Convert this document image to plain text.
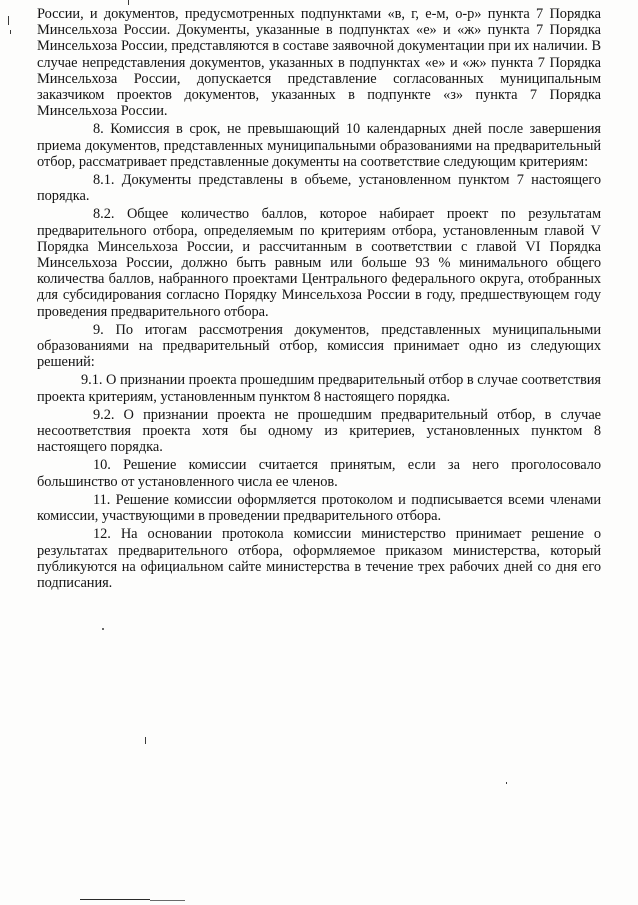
России, и документов, предусмотренных подпунктами «в, г, е-м, о-р» пункта 7 Порядка Минсельхоза России. Документы, указанные в подпунктах «е» и «ж» пункта 7 Порядка Минсельхоза России, представляются в составе заявочной документации при их наличии. В случае непредставления документов, указанных в подпунктах «е» и «ж» пункта 7 Порядка Минсельхоза России, допускается представление согласованных муниципальным заказчиком проектов документов, указанных в подпункте «з» пункта 7 Порядка Минсельхоза России.

8. Комиссия в срок, не превышающий 10 календарных дней после завершения приема документов, представленных муниципальными образованиями на предварительный отбор, рассматривает представленные документы на соответствие следующим критериям:

8.1. Документы представлены в объеме, установленном пунктом 7 настоящего порядка.

8.2. Общее количество баллов, которое набирает проект по результатам предварительного отбора, определяемым по критериям отбора, установленным главой V Порядка Минсельхоза России, и рассчитанным в соответствии с главой VI Порядка Минсельхоза России, должно быть равным или больше 93 % минимального общего количества баллов, набранного проектами Центрального федерального округа, отобранных для субсидирования согласно Порядку Минсельхоза России в году, предшествующем году проведения предварительного отбора.

9. По итогам рассмотрения документов, представленных муниципальными образованиями на предварительный отбор, комиссия принимает одно из следующих решений:

9.1. О признании проекта прошедшим предварительный отбор в случае соответствия проекта критериям, установленным пунктом 8 настоящего порядка.

9.2. О признании проекта не прошедшим предварительный отбор, в случае несоответствия проекта хотя бы одному из критериев, установленных пунктом 8 настоящего порядка.

10. Решение комиссии считается принятым, если за него проголосовало большинство от установленного числа ее членов.

11. Решение комиссии оформляется протоколом и подписывается всеми членами комиссии, участвующими в проведении предварительного отбора.

12. На основании протокола комиссии министерство принимает решение о результатах предварительного отбора, оформляемое приказом министерства, который публикуются на официальном сайте министерства в течение трех рабочих дней со дня его подписания.
